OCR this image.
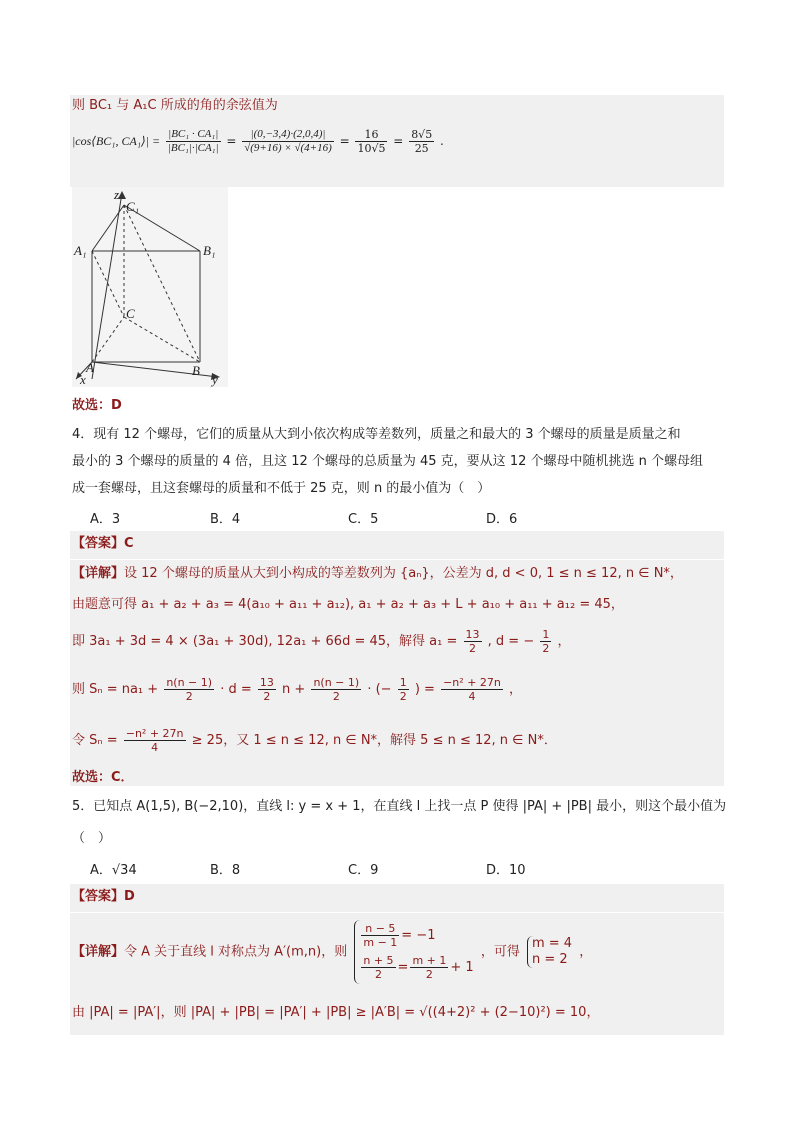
则 BC₁ 与 A₁C 所成的角的余弦值为
|cos⟨BC₁, CA₁⟩| = $\frac{\text{|BC₁ · CA₁|}}{\text{|BC₁|·|CA₁|}} = \frac{|(0,-3,4)\cdot(2,0,4)|}{√(9+16) \times √(4+16)} = \frac{16}{10√5} = \frac{8√5}{25}$ .
z
C₁
A₁	B₁
C
A	B
x	y
故选：D
4．现有 12 个螺母，它们的质量从大到小依次构成等差数列，质量之和最大的 3 个螺母的质量是质量之和
最小的 3 个螺母的质量的 4 倍，且这 12 个螺母的总质量为 45 克，要从这 12 个螺母中随机挑选 n 个螺母组
成一套螺母，且这套螺母的质量和不低于 25 克，则 n 的最小值为（　）
A．3	B．4	C．5	D．6
【答案】C
【详解】设 12 个螺母的质量从大到小构成的等差数列为 {aₙ}，公差为 d, d < 0, 1 ≤ n ≤ 12, n ∈ N*，
由题意可得 a₁ + a₂ + a₃ = 4(a₁₀ + a₁₁ + a₁₂), a₁ + a₂ + a₃ + L + a₁₀ + a₁₁ + a₁₂ = 45，
即 3a₁ + 3d = 4 × (3a₁ + 30d), 12a₁ + 66d = 45，解得 $a_1 = \frac{13}{2}$ , d = − $\frac{1}{2}$ ，
则 $S_n = na_1 + \frac{n(n - 1)}{2} \cdot d = \frac{13}{2}$ $n + \frac{n(n - 1)}{2}$ · (− $\frac{1}{2}$ ) = $\frac{\text{−n² + 27n}}{4}$ ，
令 $S_n = \frac{\text{−n² + 27n}}{4} \ge 25$，又 1 ≤ n ≤ 12, n ∈ N*，解得 5 ≤ n ≤ 12, n ∈ N*．
故选：C．
5．已知点 A(1,5), B(−2,10)，直线 l: y = x + 1，在直线 l 上找一点 P 使得 |PA| + |PB| 最小，则这个最小值为
（　）
A．√34	B．8	C．9	D．10
【答案】D
【详解】令 A 关于直线 l 对称点为 A′(m,n)，则
$\frac{n - 5}{m - 1} = -1$
$\frac{n + 5}{2} = \frac{m + 1}{2} + 1$
，可得
m = 4
n = 2 ，
由 |PA| = |PA′|，则 |PA| + |PB| = |PA′| + |PB| ≥ |A′B| = √((4+2)² + (2−10)²) = 10，
